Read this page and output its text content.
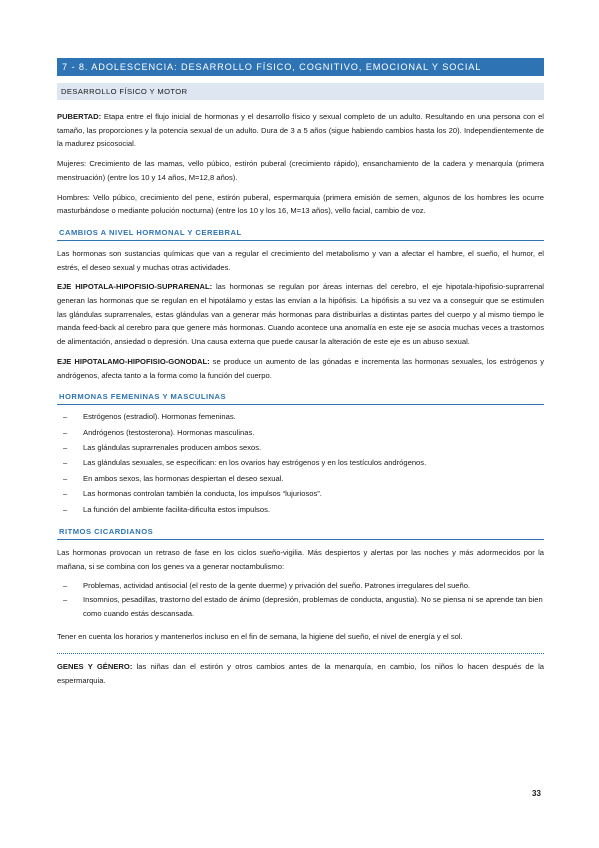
7 - 8. ADOLESCENCIA: DESARROLLO FÍSICO, COGNITIVO, EMOCIONAL Y SOCIAL
DESARROLLO FÍSICO Y MOTOR

PUBERTAD: Etapa entre el flujo inicial de hormonas y el desarrollo físico y sexual completo de un adulto. Resultando en una persona con el tamaño, las proporciones y la potencia sexual de un adulto. Dura de 3 a 5 años (sigue habiendo cambios hasta los 20). Independientemente de la madurez psicosocial.

Mujeres: Crecimiento de las mamas, vello púbico, estirón puberal (crecimiento rápido), ensanchamiento de la cadera y menarquía (primera menstruación) (entre los 10 y 14 años, M=12,8 años).

Hombres: Vello púbico, crecimiento del pene, estirón puberal, espermarquia (primera emisión de semen, algunos de los hombres les ocurre masturbándose o mediante polución nocturna) (entre los 10 y los 16, M=13 años), vello facial, cambio de voz.

CAMBIOS A NIVEL HORMONAL Y CEREBRAL

Las hormonas son sustancias químicas que van a regular el crecimiento del metabolismo y van a afectar el hambre, el sueño, el humor, el estrés, el deseo sexual y muchas otras actividades.

EJE HIPOTALA-HIPOFISIO-SUPRARENAL: las hormonas se regulan por áreas internas del cerebro, el eje hipotala-hipofisio-suprarrenal generan las hormonas que se regulan en el hipotálamo y estas las envían a la hipófisis. La hipófisis a su vez va a conseguir que se estimulen las glándulas suprarrenales, estas glándulas van a generar más hormonas para distribuirlas a distintas partes del cuerpo y al mismo tiempo le manda feed-back al cerebro para que genere más hormonas. Cuando acontece una anomalía en este eje se asocia muchas veces a trastornos de alimentación, ansiedad o depresión. Una causa externa que puede causar la alteración de este eje es un abuso sexual.

EJE HIPOTALAMO-HIPOFISIO-GONODAL: se produce un aumento de las gónadas e incrementa las hormonas sexuales, los estrógenos y andrógenos, afecta tanto a la forma como la función del cuerpo.

HORMONAS FEMENINAS Y MASCULINAS
– Estrógenos (estradiol). Hormonas femeninas.
– Andrógenos (testosterona). Hormonas masculinas.
– Las glándulas suprarrenales producen ambos sexos.
– Las glándulas sexuales, se especifican: en los ovarios hay estrógenos y en los testículos andrógenos.
– En ambos sexos, las hormonas despiertan el deseo sexual.
– Las hormonas controlan también la conducta, los impulsos “lujuriosos”.
– La función del ambiente facilita-dificulta estos impulsos.
RITMOS CICARDIANOS

Las hormonas provocan un retraso de fase en los ciclos sueño-vigilia. Más despiertos y alertas por las noches y más adormecidos por la mañana, si se combina con los genes va a generar noctambulismo:

– Problemas, actividad antisocial (el resto de la gente duerme) y privación del sueño. Patrones irregulares del sueño.
– Insomnios, pesadillas, trastorno del estado de ánimo (depresión, problemas de conducta, angustia). No se piensa ni se aprende tan bien como cuando estás descansada.

Tener en cuenta los horarios y mantenerlos incluso en el fin de semana, la higiene del sueño, el nivel de energía y el sol.

GENES Y GÉNERO: las niñas dan el estirón y otros cambios antes de la menarquía, en cambio, los niños lo hacen después de la espermarquia.

33
